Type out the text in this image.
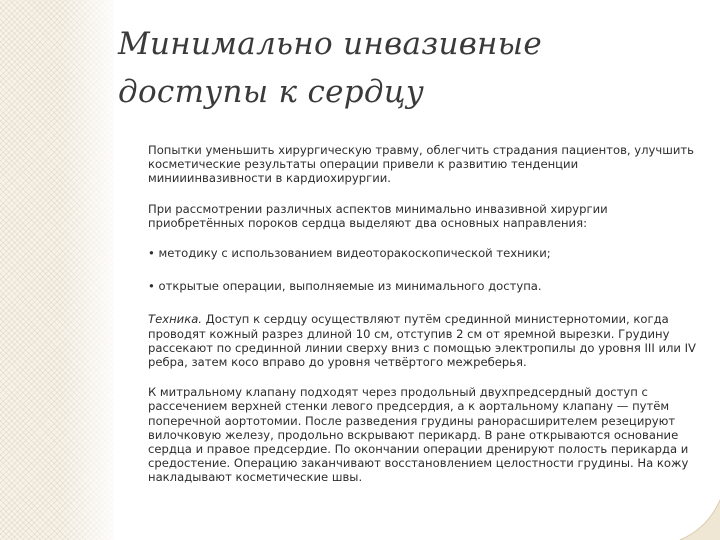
Минимально инвазивные
доступы к сердцу

Попытки уменьшить хирургическую травму, облегчить страдания пациентов, улучшить косметические результаты операции привели к развитию тенденции минииинвазивности в кардиохирургии.

При рассмотрении различных аспектов минимально инвазивной хирургии приобретённых пороков сердца выделяют два основных направления:

• методику с использованием видеоторакоскопической техники;

• открытые операции, выполняемые из минимального доступа.

Техника. Доступ к сердцу осуществляют путём срединной министернотомии, когда проводят кожный разрез длиной 10 см, отступив 2 см от яремной вырезки. Грудину рассекают по срединной линии сверху вниз с помощью электропилы до уровня III или IV ребра, затем косо вправо до уровня четвёртого межреберья.

К митральному клапану подходят через продольный двухпредсердный доступ с рассечением верхней стенки левого предсердия, а к аортальному клапану — путём поперечной аортотомии. После разведения грудины ранорасширителем резецируют вилочковую железу, продольно вскрывают перикард. В ране открываются основание сердца и правое предсердие. По окончании операции дренируют полость перикарда и средостение. Операцию заканчивают восстановлением целостности грудины. На кожу накладывают косметические швы.
